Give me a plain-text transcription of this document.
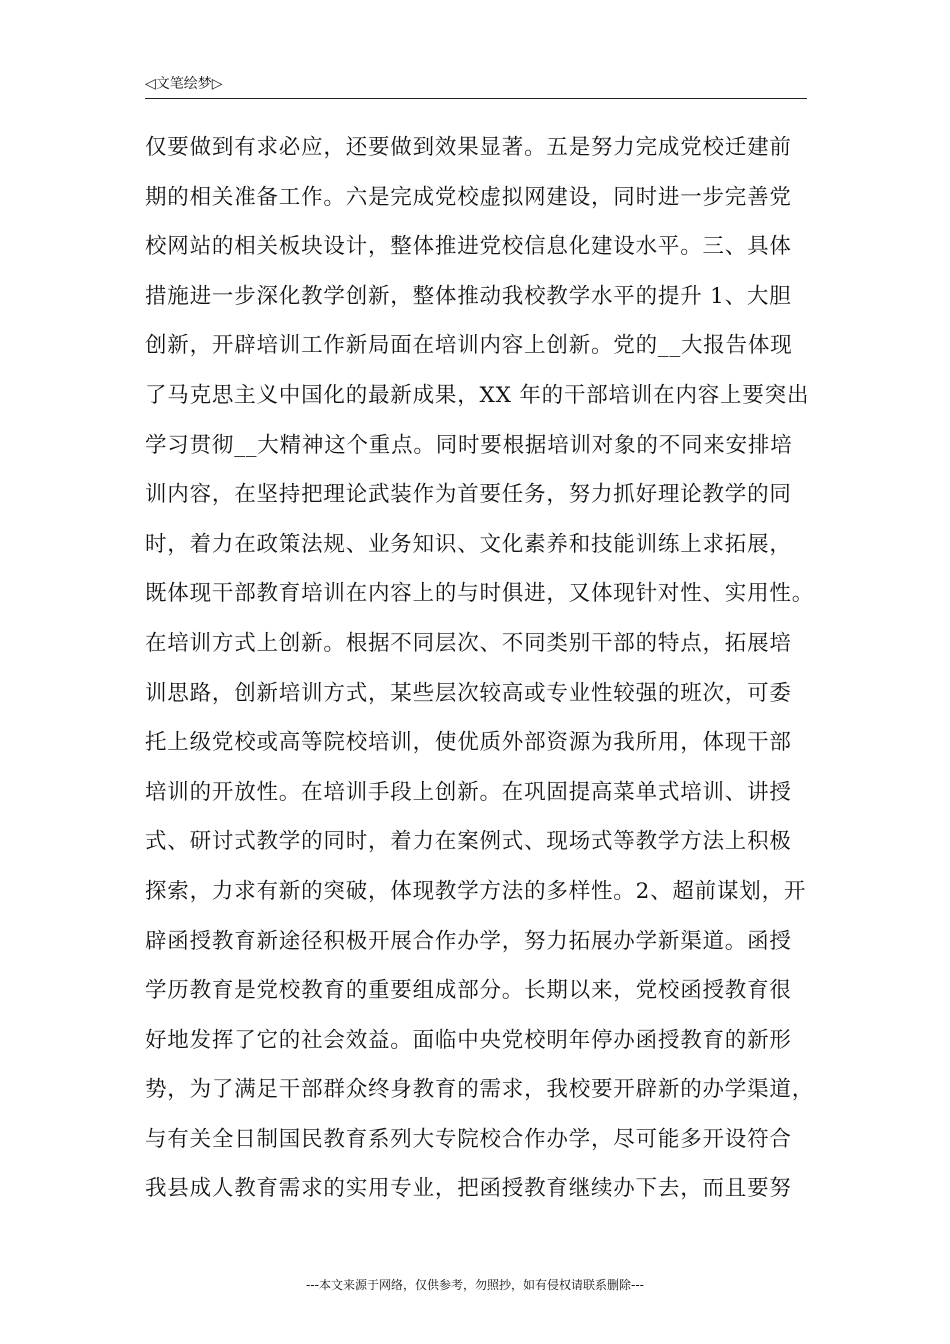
◁文笔绘梦▷
仅要做到有求必应，还要做到效果显著。五是努力完成党校迁建前
期的相关准备工作。六是完成党校虚拟网建设，同时进一步完善党
校网站的相关板块设计，整体推进党校信息化建设水平。三、具体
措施进一步深化教学创新，整体推动我校教学水平的提升 1、大胆
创新，开辟培训工作新局面在培训内容上创新。党的__大报告体现
了马克思主义中国化的最新成果，XX 年的干部培训在内容上要突出
学习贯彻__大精神这个重点。同时要根据培训对象的不同来安排培
训内容，在坚持把理论武装作为首要任务，努力抓好理论教学的同
时，着力在政策法规、业务知识、文化素养和技能训练上求拓展，
既体现干部教育培训在内容上的与时俱进，又体现针对性、实用性。
在培训方式上创新。根据不同层次、不同类别干部的特点，拓展培
训思路，创新培训方式，某些层次较高或专业性较强的班次，可委
托上级党校或高等院校培训，使优质外部资源为我所用，体现干部
培训的开放性。在培训手段上创新。在巩固提高菜单式培训、讲授
式、研讨式教学的同时，着力在案例式、现场式等教学方法上积极
探索，力求有新的突破，体现教学方法的多样性。2、超前谋划，开
辟函授教育新途径积极开展合作办学，努力拓展办学新渠道。函授
学历教育是党校教育的重要组成部分。长期以来，党校函授教育很
好地发挥了它的社会效益。面临中央党校明年停办函授教育的新形
势，为了满足干部群众终身教育的需求，我校要开辟新的办学渠道，
与有关全日制国民教育系列大专院校合作办学，尽可能多开设符合
我县成人教育需求的实用专业，把函授教育继续办下去，而且要努
---本文来源于网络，仅供参考，勿照抄，如有侵权请联系删除---
